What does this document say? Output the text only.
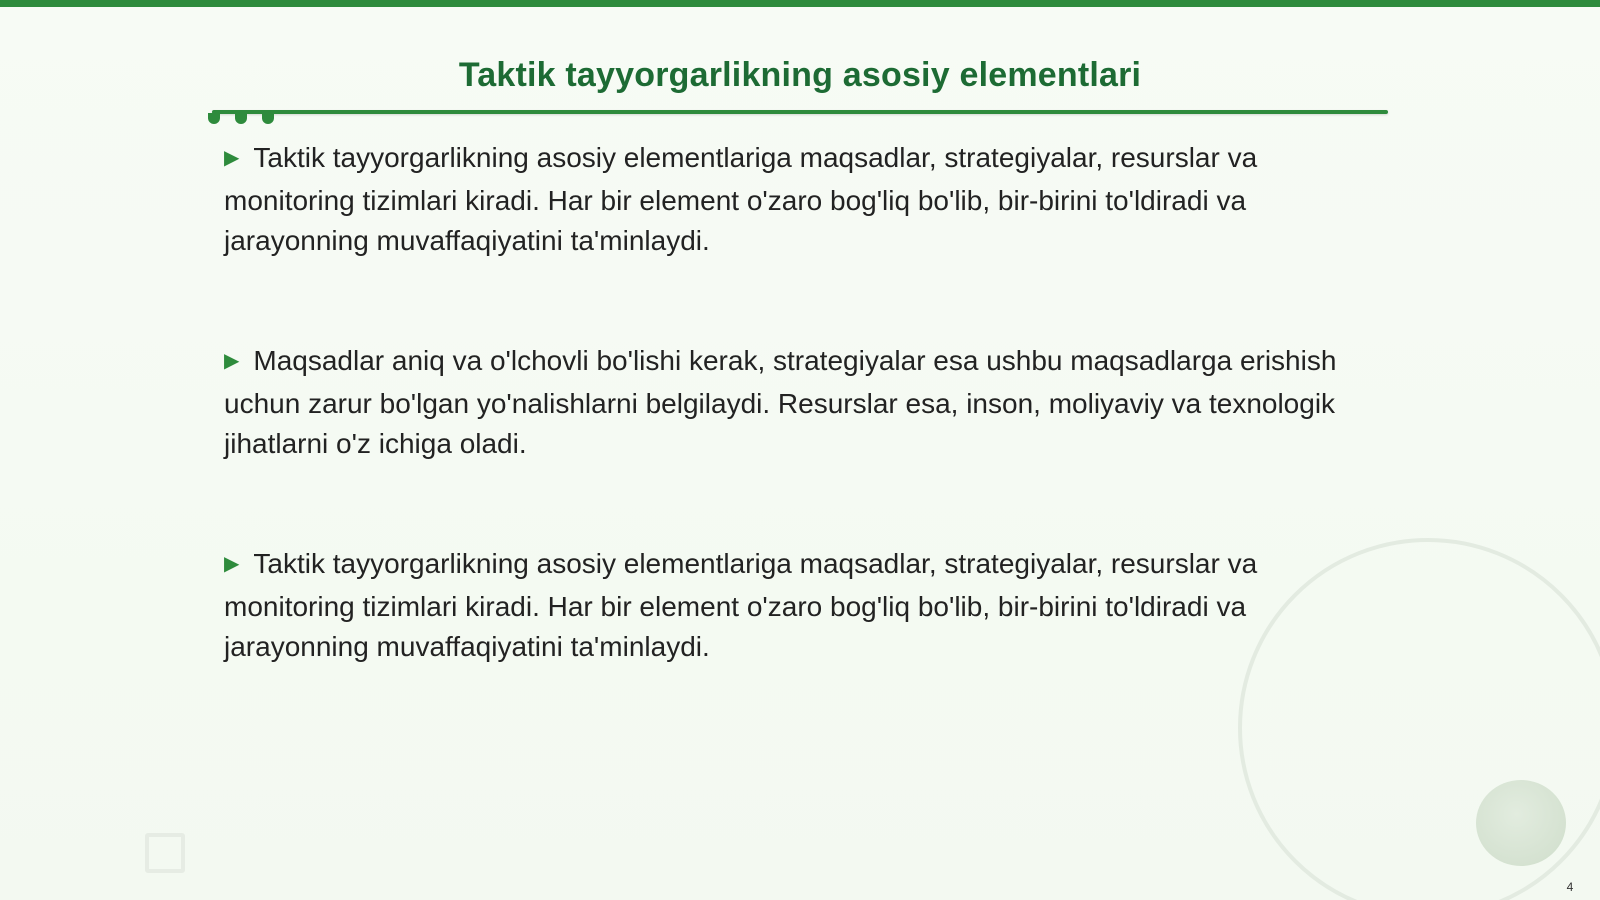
Taktik tayyorgarlikning asosiy elementlari

▶ Taktik tayyorgarlikning asosiy elementlariga maqsadlar, strategiyalar, resurslar va monitoring tizimlari kiradi. Har bir element o'zaro bog'liq bo'lib, bir-birini to'ldiradi va jarayonning muvaffaqiyatini ta'minlaydi.

▶ Maqsadlar aniq va o'lchovli bo'lishi kerak, strategiyalar esa ushbu maqsadlarga erishish uchun zarur bo'lgan yo'nalishlarni belgilaydi. Resurslar esa, inson, moliyaviy va texnologik jihatlarni o'z ichiga oladi.

▶ Taktik tayyorgarlikning asosiy elementlariga maqsadlar, strategiyalar, resurslar va monitoring tizimlari kiradi. Har bir element o'zaro bog'liq bo'lib, bir-birini to'ldiradi va jarayonning muvaffaqiyatini ta'minlaydi.

4
